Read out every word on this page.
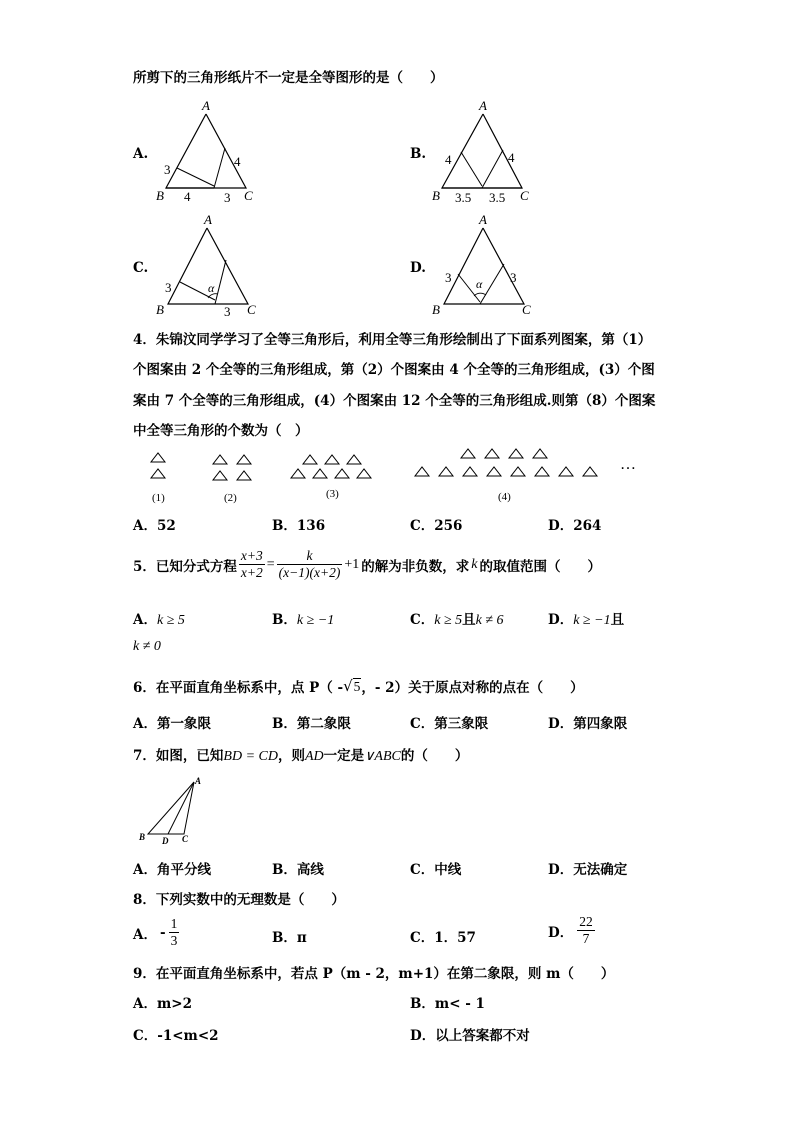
所剪下的三角形纸片不一定是全等图形的是（　　）
A.
A
B	C
3
4
4
3
B.
A
B	C
4	4
3.5 3.5
C.
A
B	C
3
3
α
D.
A
B	C
3	3
α
4．朱锦汶同学学习了全等三角形后，利用全等三角形绘制出了下面系列图案，第（1）
个图案由 2 个全等的三角形组成，第（2）个图案由 4 个全等的三角形组成，(3）个图
案由 7 个全等的三角形组成，(4）个图案由 12 个全等的三角形组成.则第（8）个图案
中全等三角形的个数为（　）
(1)	(2)	(3)	(4)
…
A．52	B．136	C．256	D．264
5．已知分式方程 $\frac{x+3}{x+2} = \frac{k}{(x-1)(x+2)} +1$ 的解为非负数，求 k 的取值范围（　　）
A．k ≥ 5	B．k ≥ −1	C．k ≥ 5且k ≠ 6	D．k ≥ −1且
k ≠ 0
6．在平面直角坐标系中，点 P（ - √ 5 ，- 2）关于原点对称的点在（　　）
A．第一象限	B．第二象限	C．第三象限	D．第四象限
7．如图，已知BD = CD，则AD一定是∨ABC的（　　）
A
B D C
A．角平分线	B．高线	C．中线	D．无法确定
8．下列实数中的无理数是（　　）
A． - $\frac{1}{3}$	B．π	C．1．57	D． $\frac{22}{7}$
9．在平面直角坐标系中，若点 P（m - 2，m+1）在第二象限，则 m（　　）
A．m>2	B．m< - 1
C．-1<m<2	D．以上答案都不对
